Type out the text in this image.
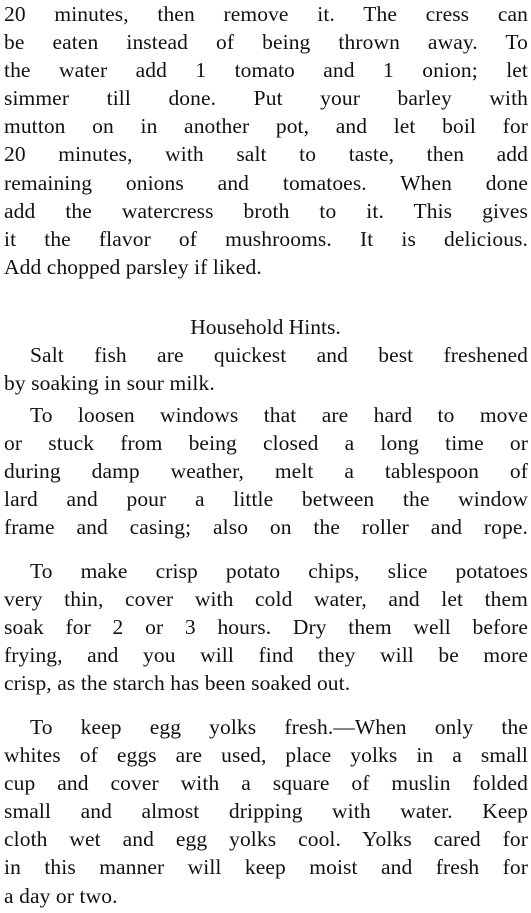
20 minutes, then remove it. The cress can
be eaten instead of being thrown away. To
the water add 1 tomato and 1 onion; let
simmer till done. Put your barley with
mutton on in another pot, and let boil for
20 minutes, with salt to taste, then add
remaining onions and tomatoes. When done
add the watercress broth to it. This gives
it the flavor of mushrooms. It is delicious.
Add chopped parsley if liked.
Household Hints.
Salt fish are quickest and best freshened
by soaking in sour milk.
To loosen windows that are hard to move
or stuck from being closed a long time or
during damp weather, melt a tablespoon of
lard and pour a little between the window
frame and casing; also on the roller and rope.
To make crisp potato chips, slice potatoes
very thin, cover with cold water, and let them
soak for 2 or 3 hours. Dry them well before
frying, and you will find they will be more
crisp, as the starch has been soaked out.
To keep egg yolks fresh.—When only the
whites of eggs are used, place yolks in a small
cup and cover with a square of muslin folded
small and almost dripping with water. Keep
cloth wet and egg yolks cool. Yolks cared for
in this manner will keep moist and fresh for
a day or two.
